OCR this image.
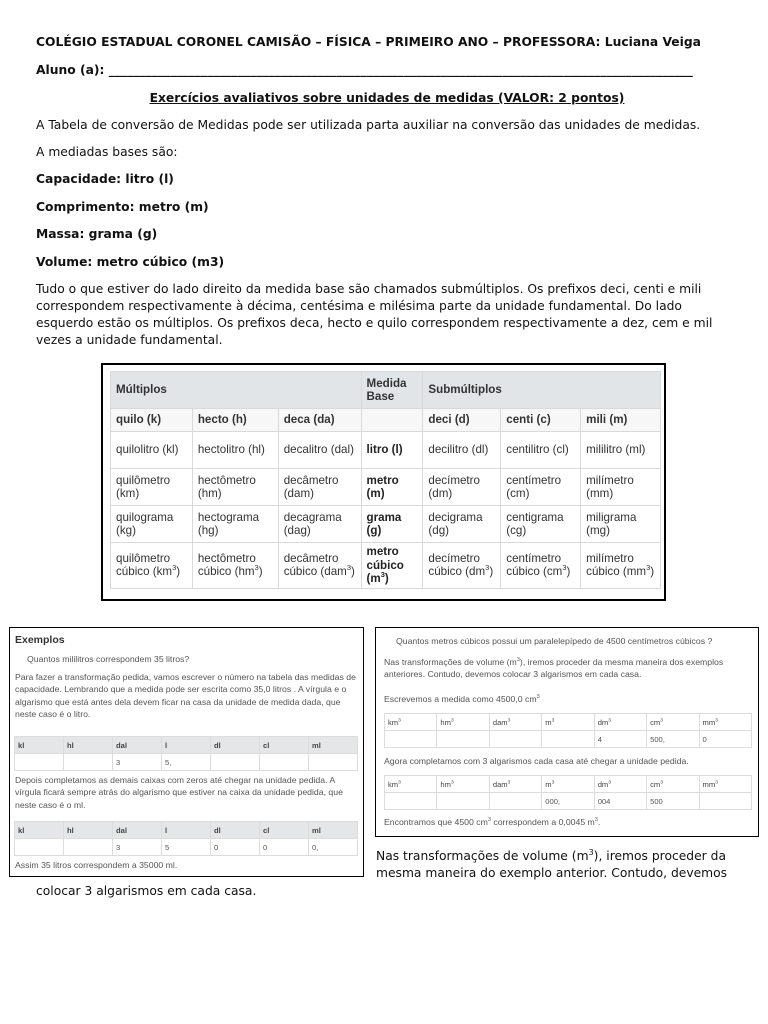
COLÉGIO ESTADUAL CORONEL CAMISÃO – FÍSICA – PRIMEIRO ANO – PROFESSORA: Luciana Veiga
Aluno (a): _______________________________________________________________________________________________
Exercícios avaliativos sobre unidades de medidas (VALOR: 2 pontos)
A Tabela de conversão de Medidas pode ser utilizada parta auxiliar na conversão das unidades de medidas.
A mediadas bases são:
Capacidade: litro (l)
Comprimento: metro (m)
Massa: grama (g)
Volume: metro cúbico (m3)
Tudo o que estiver do lado direito da medida base são chamados submúltiplos. Os prefixos deci, centi e mili correspondem respectivamente à décima, centésima e milésima parte da unidade fundamental. Do lado esquerdo estão os múltiplos. Os prefixos deca, hecto e quilo correspondem respectivamente a dez, cem e mil vezes a unidade fundamental.
Múltiplos			Medida Base	Submúltiplos		
quilo (k)	hecto (h)	deca (da)		deci (d)	centi (c)	mili (m)
quilolitro (kl)	hectolitro (hl)	decalitro (dal)	litro (l)	decilitro (dl)	centilitro (cl)	mililitro (ml)
quilômetro (km)	hectômetro (hm)	decâmetro (dam)	metro (m)	decímetro (dm)	centímetro (cm)	milímetro (mm)
quilograma (kg)	hectograma (hg)	decagrama (dag)	grama (g)	decigrama (dg)	centigrama (cg)	miligrama (mg)
quilômetro cúbico $(km^3)$	hectômetro cúbico $(hm^3)$	decâmetro cúbico (dam$^3$)	metro cúbico $(m^3)$	decímetro cúbico $(dm^3)$	centímetro cúbico $(cm^3)$	milímetro cúbico $(mm^3)$
Exemplos
Quantos mililitros correspondem 35 litros?
Para fazer a transformação pedida, vamos escrever o número na tabela das medidas de capacidade. Lembrando que a medida pode ser escrita como 35,0 litros . A vírgula e o algarismo que está antes dela devem ficar na casa da unidade de medida dada, que neste caso é o litro.
kl	hl	dal	l	dl	cl	ml
		3	5,			
Depois completamos as demais caixas com zeros até chegar na unidade pedida. A vírgula ficará sempre atrás do algarismo que estiver na caixa da unidade pedida, que neste caso é o ml.
kl	hl	dal	l	dl	cl	ml
		3	5	0	0	0,
Assim 35 litros correspondem a 35000 ml.
Quantos metros cúbicos possui um paralelepípedo de 4500 centímetros cúbicos ?
Nas transformações de volume $(m^3)$, iremos proceder da mesma maneira dos exemplos anteriores. Contudo, devemos colocar 3 algarismos em cada casa.
Escrevemos a medida como 4500,0 $cm^3$
$km^3$	$hm^3$	dam$^3$	$m^3$	$dm^3$	$cm^3$	$mm^3$
				4	500,	0
Agora completamos com 3 algarismos cada casa até chegar a unidade pedida.
$km^3$	$hm^3$	dam$^3$	$m^3$	$dm^3$	$cm^3$	$mm^3$
			000,	004	500	
Encontramos que 4500 $cm^3$ correspondem a 0,0045 $m^3$.
Nas transformações de volume $(m^3)$, iremos proceder da mesma maneira do exemplo anterior. Contudo, devemos
colocar 3 algarismos em cada casa.
